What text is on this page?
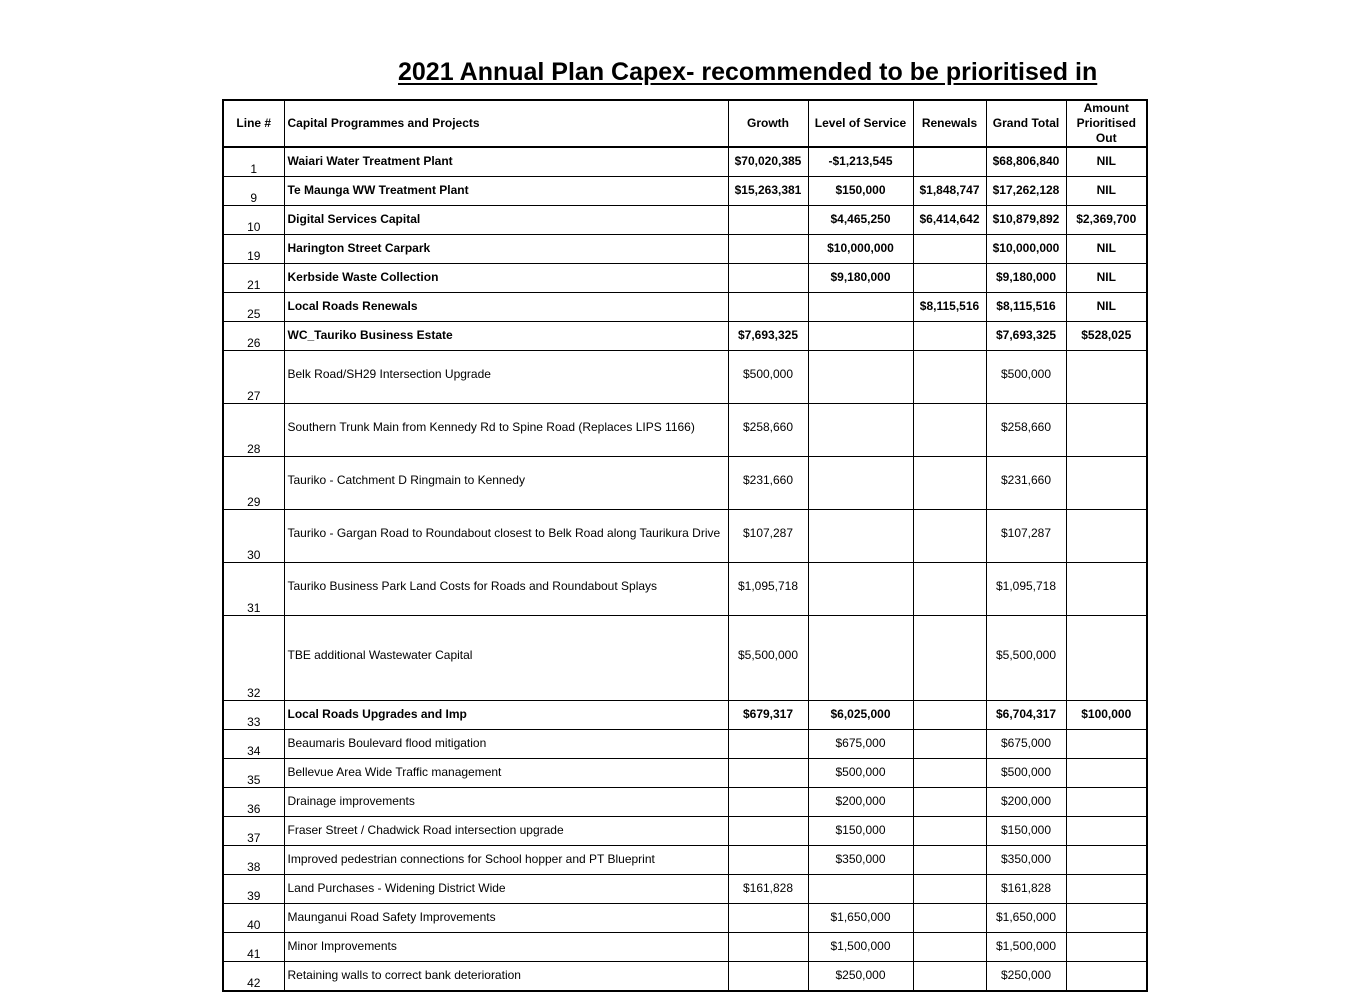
2021 Annual Plan Capex- recommended to be prioritised in
Line #	Capital Programmes and Projects	Growth	Level of Service	Renewals	Grand Total	Amount Prioritised Out
1	Waiari Water Treatment Plant	$70,020,385	-$1,213,545		$68,806,840	NIL
9	Te Maunga WW Treatment Plant	$15,263,381	$150,000	$1,848,747	$17,262,128	NIL
10	Digital Services Capital		$4,465,250	$6,414,642	$10,879,892	$2,369,700
19	Harington Street Carpark		$10,000,000		$10,000,000	NIL
21	Kerbside Waste Collection		$9,180,000		$9,180,000	NIL
25	Local Roads Renewals			$8,115,516	$8,115,516	NIL
26	WC_Tauriko Business Estate	$7,693,325			$7,693,325	$528,025
27	Belk Road/SH29 Intersection Upgrade	$500,000			$500,000	
28	Southern Trunk Main from Kennedy Rd to Spine Road (Replaces LIPS 1166)	$258,660			$258,660	
29	Tauriko - Catchment D Ringmain to Kennedy	$231,660			$231,660	
30	Tauriko - Gargan Road to Roundabout closest to Belk Road along Taurikura Drive	$107,287			$107,287	
31	Tauriko Business Park Land Costs for Roads and Roundabout Splays	$1,095,718			$1,095,718	
32	TBE additional Wastewater Capital	$5,500,000			$5,500,000	
33	Local Roads Upgrades and Imp	$679,317	$6,025,000		$6,704,317	$100,000
34	Beaumaris Boulevard flood mitigation		$675,000		$675,000	
35	Bellevue Area Wide Traffic management		$500,000		$500,000	
36	Drainage improvements		$200,000		$200,000	
37	Fraser Street / Chadwick Road intersection upgrade		$150,000		$150,000	
38	Improved pedestrian connections for School hopper and PT Blueprint		$350,000		$350,000	
39	Land Purchases - Widening District Wide	$161,828			$161,828	
40	Maunganui Road Safety Improvements		$1,650,000		$1,650,000	
41	Minor Improvements		$1,500,000		$1,500,000	
42	Retaining walls to correct bank deterioration		$250,000		$250,000	
